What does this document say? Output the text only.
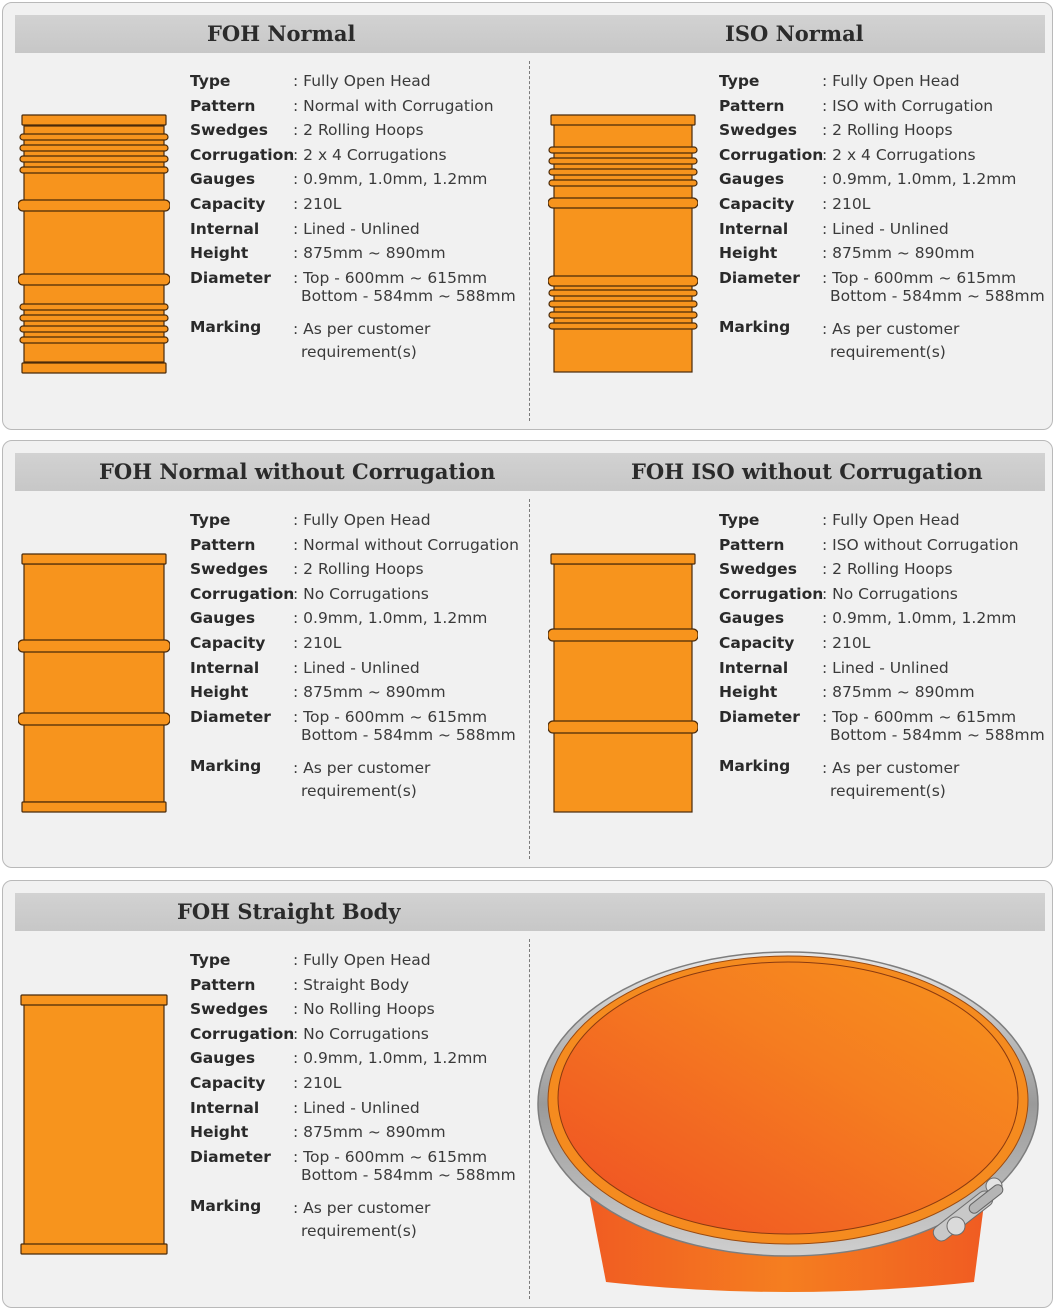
FOH Normal	ISO Normal
FOH Normal without Corrugation	FOH ISO without Corrugation
FOH Straight Body
Type	: Fully Open Head
Pattern : Normal with Corrugation
Swedges : 2 Rolling Hoops
Corrugation
: 2 x 4 Corrugations
Gauges : 0.9mm, 1.0mm, 1.2mm
Capacity : 210L
Internal : Lined - Unlined
Height	: 875mm ~ 890mm
Diameter : Top - 600mm ~ 615mm
Bottom - 584mm ~ 588mm
Marking : As per customer
requirement(s)
Type	: Fully Open Head
Pattern : ISO with Corrugation
Swedges : 2 Rolling Hoops
Corrugation
: 2 x 4 Corrugations
Gauges : 0.9mm, 1.0mm, 1.2mm
Capacity : 210L
Internal : Lined - Unlined
Height	: 875mm ~ 890mm
Diameter : Top - 600mm ~ 615mm
Bottom - 584mm ~ 588mm
Marking : As per customer
requirement(s)
Type	: Fully Open Head
Pattern : Normal without Corrugation
Swedges : 2 Rolling Hoops
Corrugation
: No Corrugations
Gauges : 0.9mm, 1.0mm, 1.2mm
Capacity : 210L
Internal : Lined - Unlined
Height	: 875mm ~ 890mm
Diameter : Top - 600mm ~ 615mm
Bottom - 584mm ~ 588mm
Marking : As per customer
requirement(s)
Type	: Fully Open Head
Pattern : ISO without Corrugation
Swedges : 2 Rolling Hoops
Corrugation
: No Corrugations
Gauges : 0.9mm, 1.0mm, 1.2mm
Capacity : 210L
Internal : Lined - Unlined
Height	: 875mm ~ 890mm
Diameter : Top - 600mm ~ 615mm
Bottom - 584mm ~ 588mm
Marking : As per customer
requirement(s)
Type	: Fully Open Head
Pattern : Straight Body
Swedges : No Rolling Hoops
Corrugation
: No Corrugations
Gauges : 0.9mm, 1.0mm, 1.2mm
Capacity : 210L
Internal : Lined - Unlined
Height	: 875mm ~ 890mm
Diameter : Top - 600mm ~ 615mm
Bottom - 584mm ~ 588mm
Marking : As per customer
requirement(s)
